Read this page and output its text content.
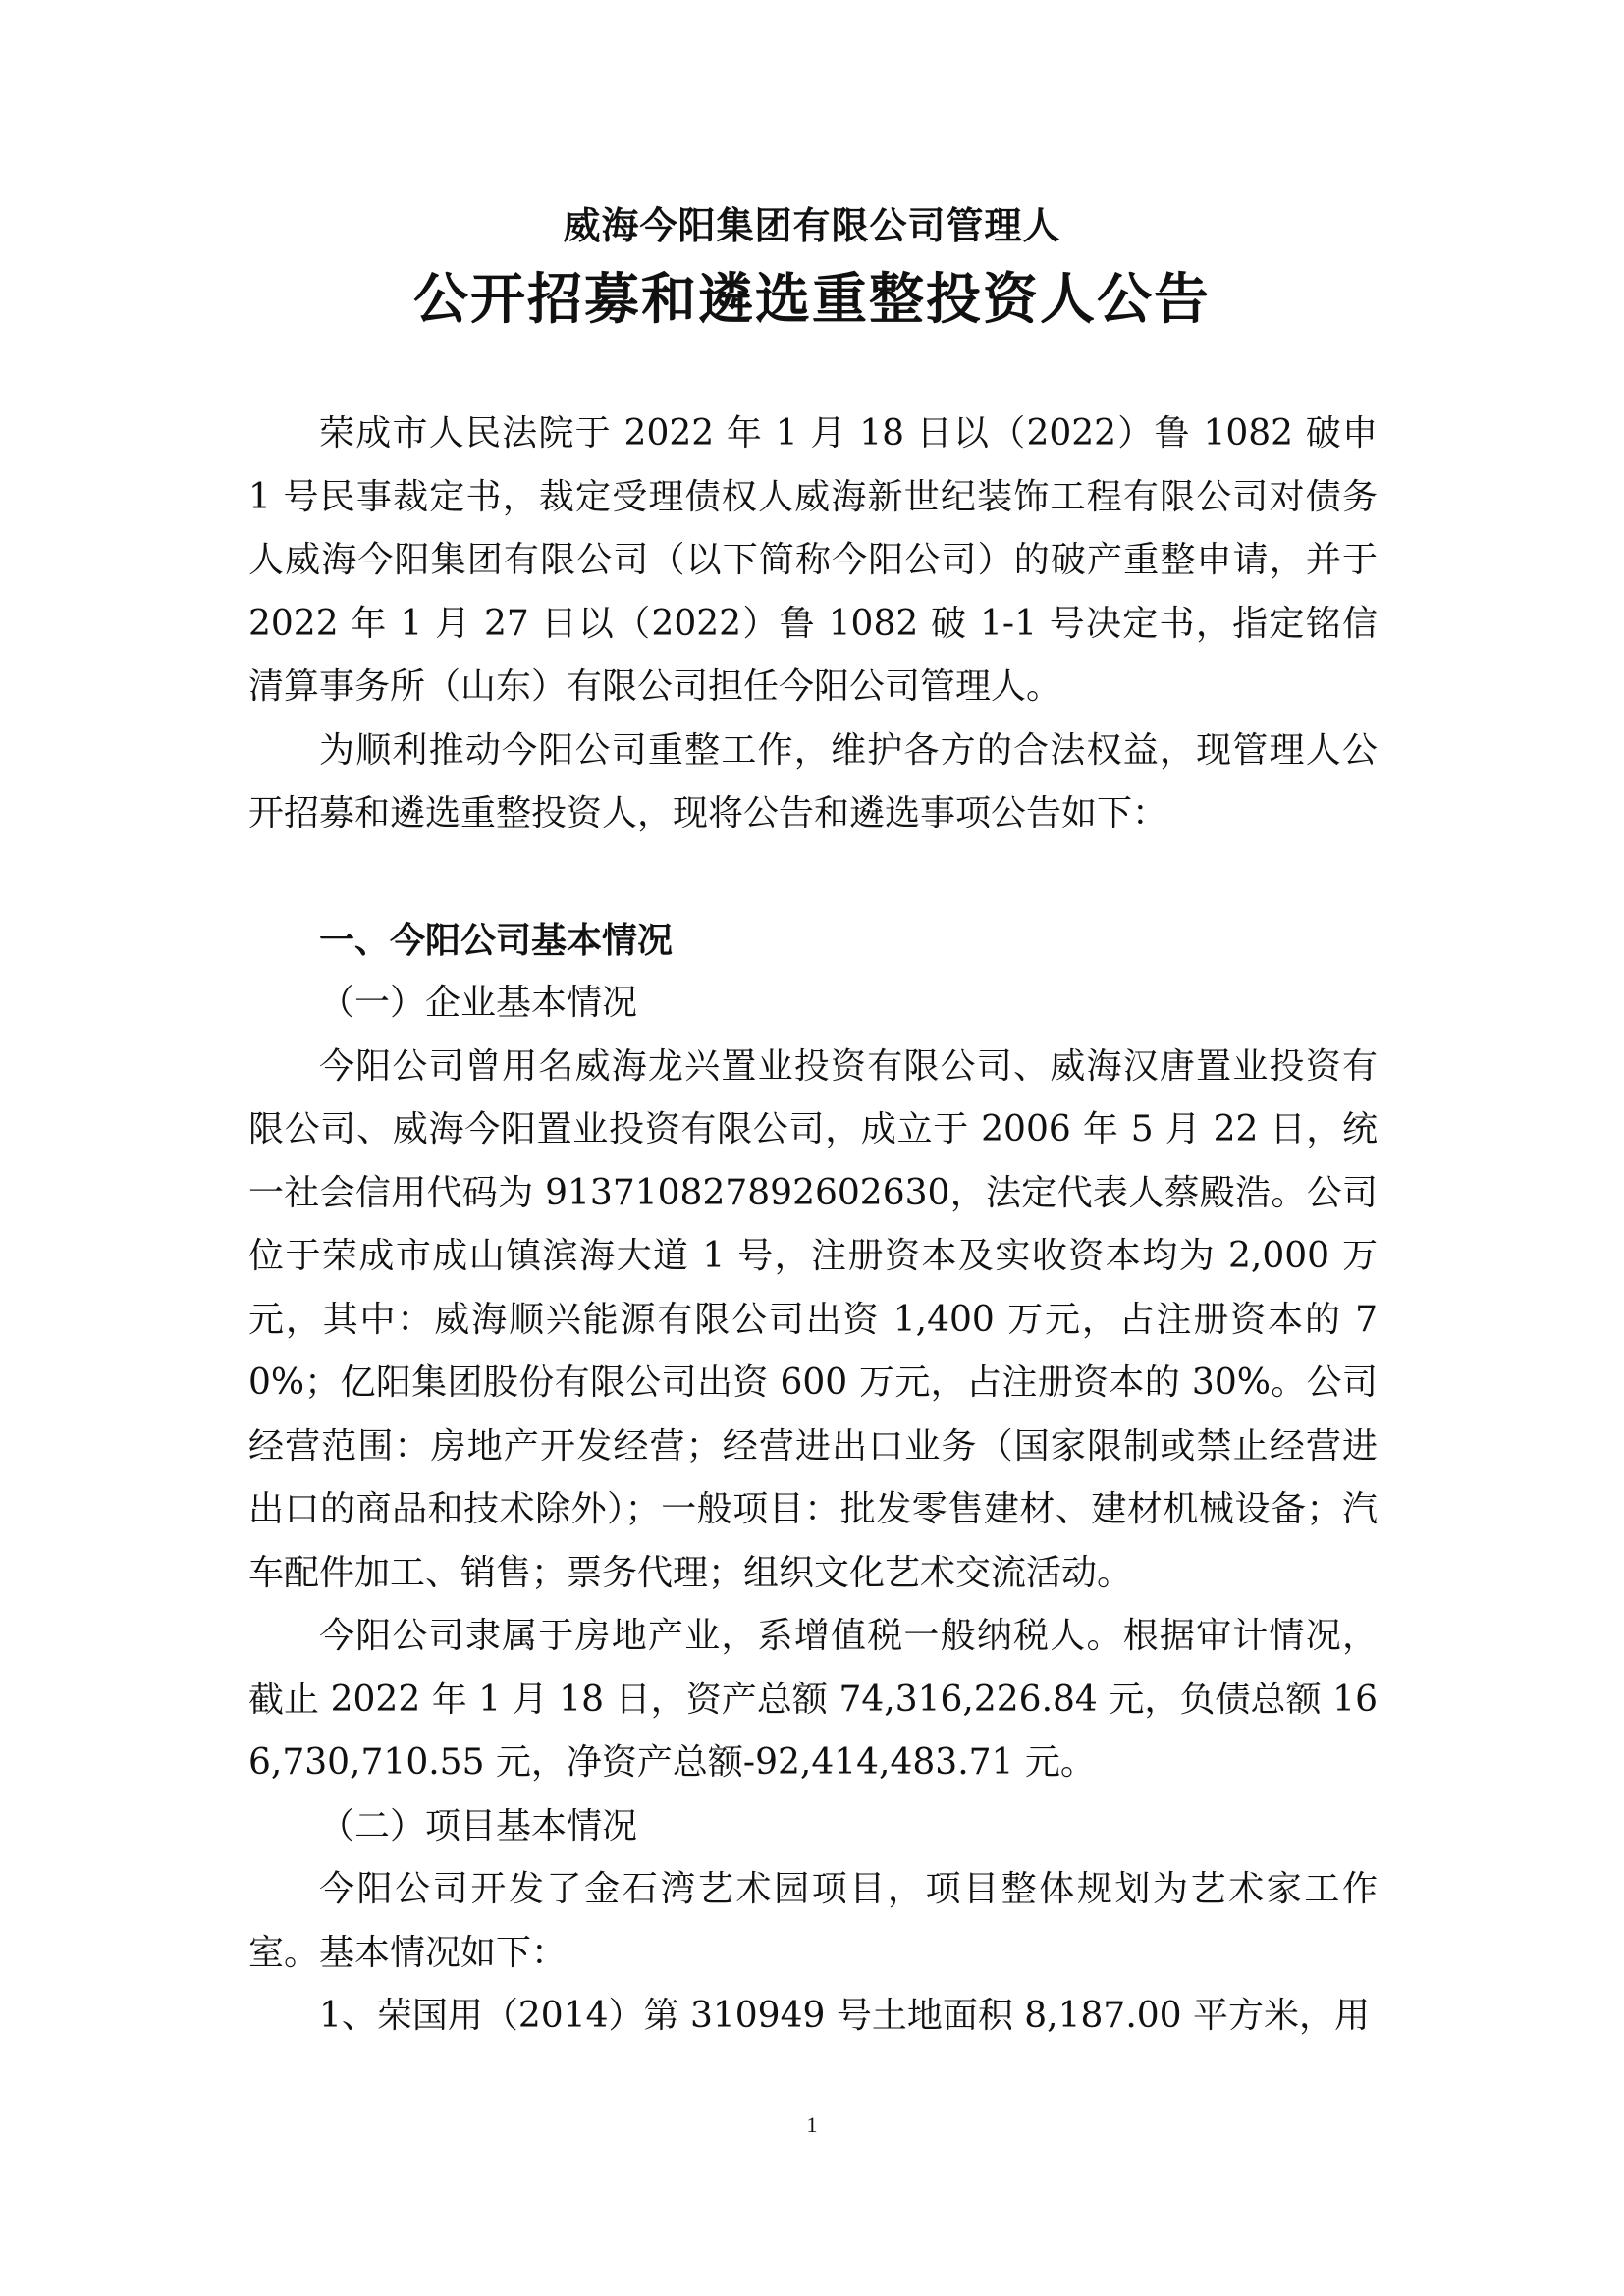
威海今阳集团有限公司管理人
公开招募和遴选重整投资人公告

荣成市人民法院于 2022 年 1 月 18 日以（2022）鲁 1082 破申 1 号民事裁定书，裁定受理债权人威海新世纪装饰工程有限公司对债务人威海今阳集团有限公司（以下简称今阳公司）的破产重整申请，并于 2022 年 1 月 27 日以（2022）鲁 1082 破 1-1 号决定书，指定铭信清算事务所（山东）有限公司担任今阳公司管理人。

为顺利推动今阳公司重整工作，维护各方的合法权益，现管理人公开招募和遴选重整投资人，现将公告和遴选事项公告如下：

一、今阳公司基本情况

（一）企业基本情况

今阳公司曾用名威海龙兴置业投资有限公司、威海汉唐置业投资有限公司、威海今阳置业投资有限公司，成立于 2006 年 5 月 22 日，统一社会信用代码为 913710827892602630，法定代表人蔡殿浩。公司位于荣成市成山镇滨海大道 1 号，注册资本及实收资本均为 2,000 万元，其中：威海顺兴能源有限公司出资 1,400 万元，占注册资本的 70%；亿阳集团股份有限公司出资 600 万元，占注册资本的 30%。公司经营范围：房地产开发经营；经营进出口业务（国家限制或禁止经营进出口的商品和技术除外）；一般项目：批发零售建材、建材机械设备；汽车配件加工、销售；票务代理；组织文化艺术交流活动。

今阳公司隶属于房地产业，系增值税一般纳税人。根据审计情况，截止 2022 年 1 月 18 日，资产总额 74,316,226.84 元，负债总额 166,730,710.55 元，净资产总额-92,414,483.71 元。

（二）项目基本情况

今阳公司开发了金石湾艺术园项目，项目整体规划为艺术家工作室。基本情况如下：

1、荣国用（2014）第 310949 号土地面积 8,187.00 平方米，用

1
